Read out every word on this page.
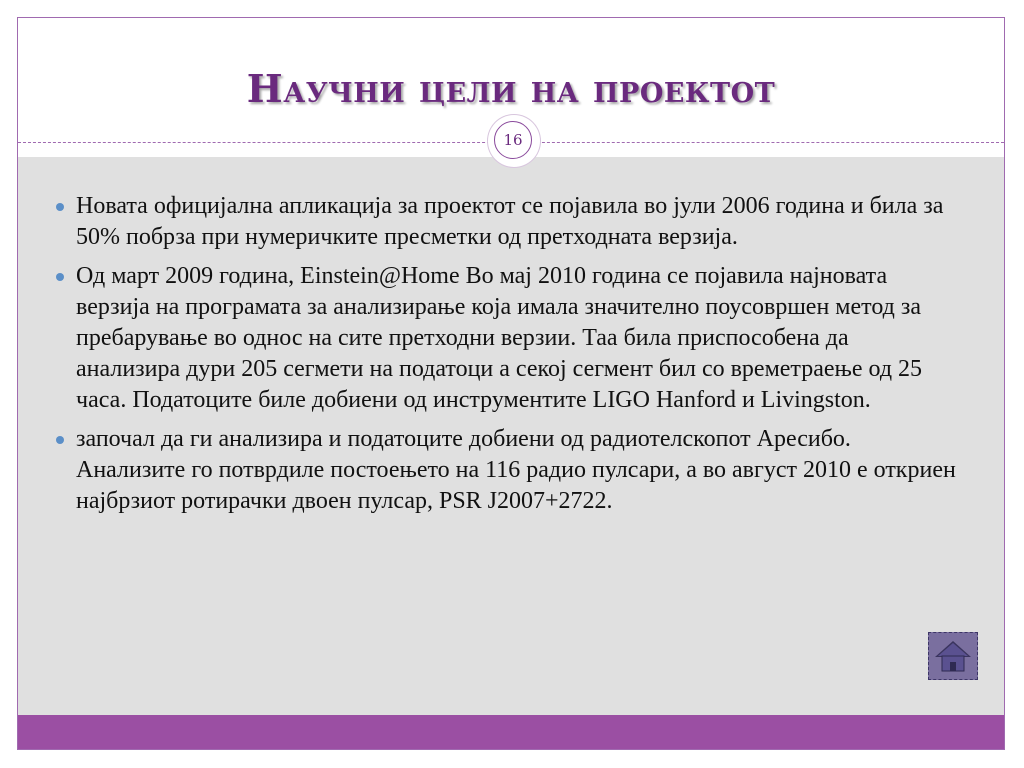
Научни цели на проектот
16
Новата официјална апликација за проектот се појавила во јули 2006 година и била за 50% побрза при нумеричките пресметки од претходната верзија.
Од март 2009 година, Einstein@Home Во мај 2010 година се појавила најновата верзија на програмата за анализирање која имала значително поусовршен метод за пребарување во однос на сите претходни верзии. Таа била приспособена да анализира дури 205 сегмети на податоци а секој сегмент бил со времетраење од 25 часа. Податоците биле добиени од инструментите LIGO Hanford и Livingston.
започал да ги анализира и податоците добиени од радиотелскопот Аресибо. Анализите го потврдиле постоењето на 116 радио пулсари, а во август 2010 е откриен најбрзиот ротирачки двоен пулсар, PSR J2007+2722.
